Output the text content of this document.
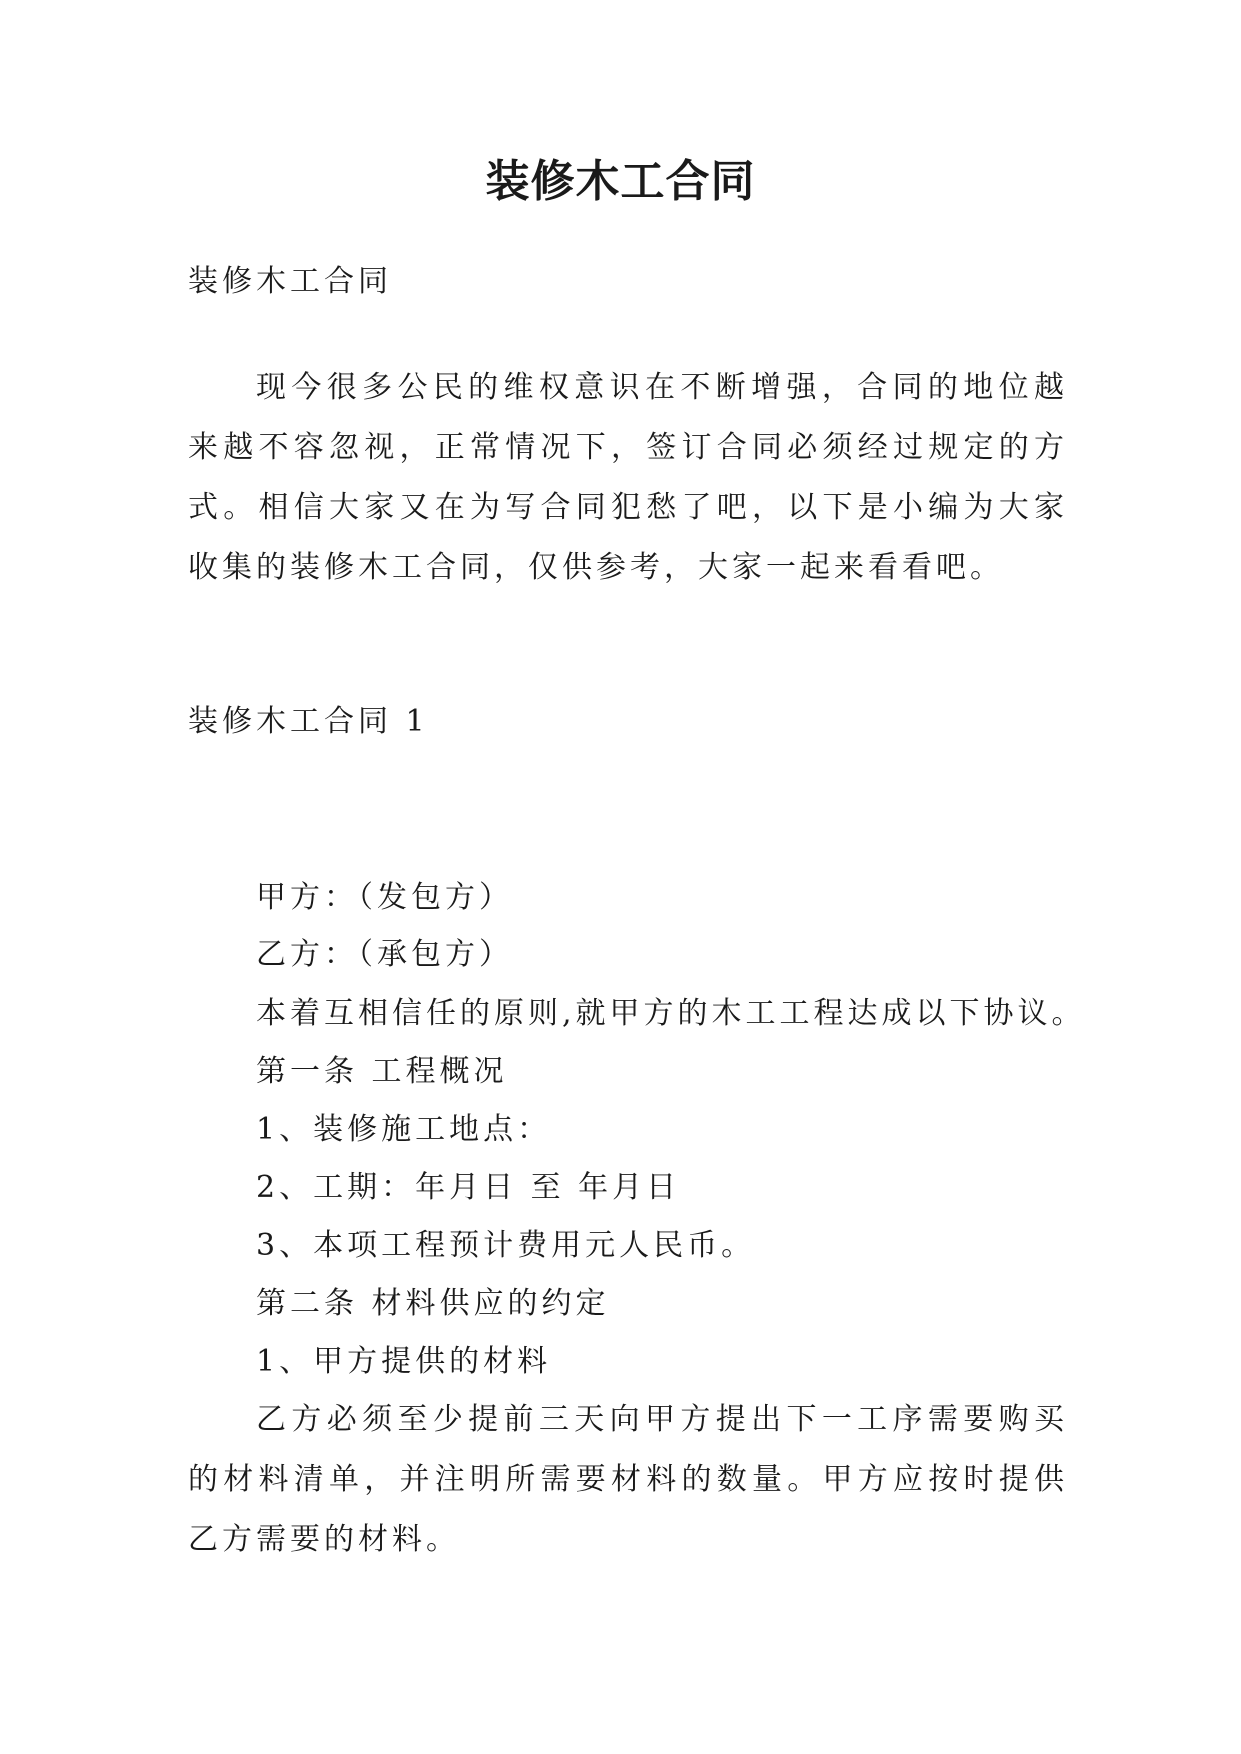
装修木工合同
装修木工合同
现今很多公民的维权意识在不断增强，合同的地位越来越不容忽视，正常情况下，签订合同必须经过规定的方式。相信大家又在为写合同犯愁了吧，以下是小编为大家收集的装修木工合同，仅供参考，大家一起来看看吧。
装修木工合同 1
甲方：（发包方）
乙方：（承包方）
本着互相信任的原则,就甲方的木工工程达成以下协议。
第一条 工程概况
1、装修施工地点：
2、工期：年月日 至 年月日
3、本项工程预计费用元人民币。
第二条 材料供应的约定
1、甲方提供的材料
乙方必须至少提前三天向甲方提出下一工序需要购买的材料清单，并注明所需要材料的数量。甲方应按时提供乙方需要的材料。
